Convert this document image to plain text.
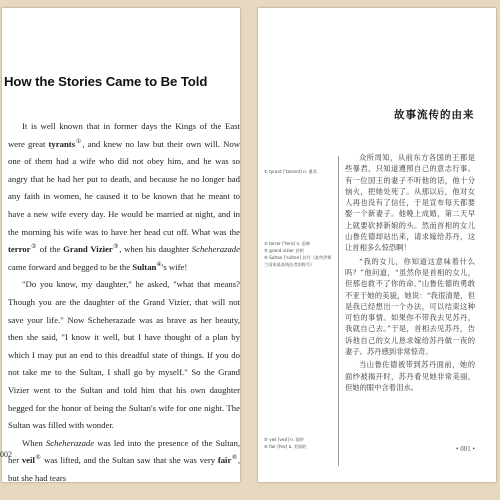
How the Stories Came to Be Told

It is well known that in former days the Kings of the East were great tyrants①, and knew no law but their own will. Now one of them had a wife who did not obey him, and he was so angry that he had her put to death, and because he no longer had any faith in women, he caused it to be known that he meant to have a new wife every day. He would be married at night, and in the morning his wife was to have her head cut off. What was the terror② of the Grand Vizier③, when his daughter Scheherazade came forward and begged to be the Sultan④'s wife!

"Do you know, my daughter," he asked, "what that means? Though you are the daughter of the Grand Vizier, that will not save your life." Now Scheherazade was as brave as her beauty, then she said, "I know it well, but I have thought of a plan by which I may put an end to this dreadful state of things. If you do not take me to the Sultan, I shall go by myself." So the Grand Vizier went to the Sultan and told him that his own daughter begged for the honor of being the Sultan's wife for one night. The Sultan was filled with wonder.

When Scheherazade was led into the presence of the Sultan, her veil⑤ was lifted, and the Sultan saw that she was very fair⑥, but she had tears

002
故事流传的由来
① tyrant [ˈtaɪrənt] n. 暴君
② terror [ˈterə] n. 恐怖
③ grand vizier 首相
④ Sultan [ˈsʌltən] 苏丹（某些伊斯兰国家最高统治者的称号）
⑤ veil [veɪl] n. 面纱
⑥ fair [feə] a. 美丽的

众所周知，从前东方各国的王都是些暴君，只知道遵照自己的意志行事。有一位国王的妻子不听他的话，他十分恼火，把她处死了。从那以后，他对女人再也没有了信任，于是宣布每天都要娶一个新妻子。他晚上成婚，第二天早上就要砍掉新娘的头。然而首相的女儿山鲁佐德却站出来，请求嫁给苏丹，这让首相多么惊恐啊！

“我的女儿，你知道这意味着什么吗？”他问道，“虽然你是首相的女儿，但那也救不了你的命。”山鲁佐德的勇敢不亚于她的美貌，她说：“我很清楚，但是我已经想出一个办法，可以结束这种可怕的事情。如果你不带我去见苏丹，我就自己去。”于是，首相去见苏丹，告诉他自己的女儿恳求嫁给苏丹做一夜的妻子。苏丹感到非常惊奇。

当山鲁佐德被带到苏丹面前，她的面纱被揭开时，苏丹看见她非常美丽，但她的眼中含着泪水。

• 001 •
